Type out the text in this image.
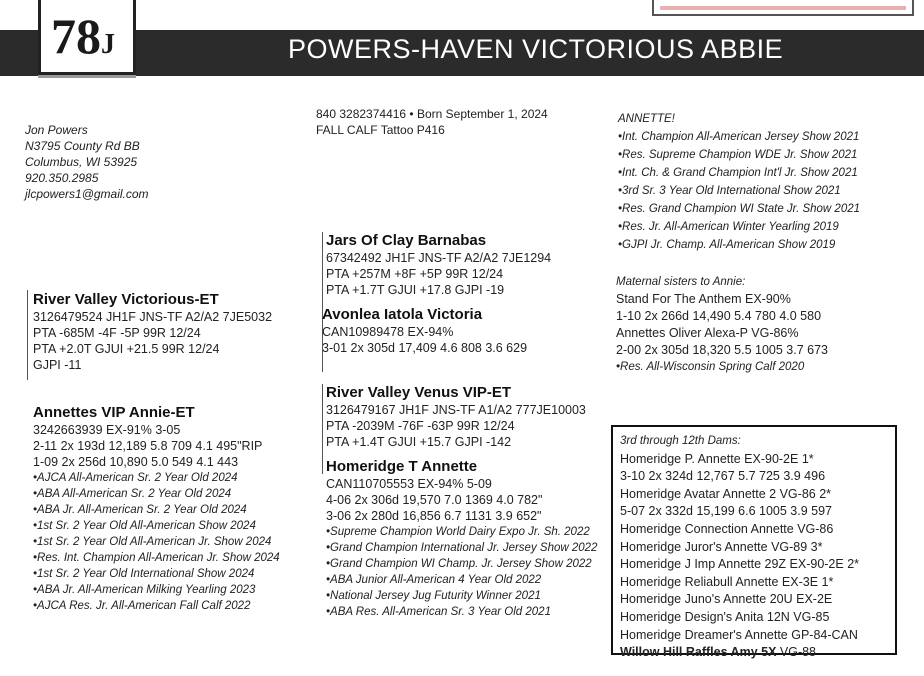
POWERS-HAVEN VICTORIOUS ABBIE
78J
Jon Powers
N3795 County Rd BB
Columbus, WI 53925
920.350.2985
jlcpowers1@gmail.com
840 3282374416 • Born September 1, 2024
FALL CALF Tattoo P416
River Valley Victorious-ET
3126479524 JH1F JNS-TF A2/A2 7JE5032
PTA -685M -4F -5P 99R 12/24
PTA +2.0T GJUI +21.5 99R 12/24
GJPI -11
Annettes VIP Annie-ET
3242663939 EX-91% 3-05
2-11 2x 193d 12,189 5.8 709 4.1 495"RIP
1-09 2x 256d 10,890 5.0 549 4.1 443
•AJCA All-American Sr. 2 Year Old 2024
•ABA All-American Sr. 2 Year Old 2024
•ABA Jr. All-American Sr. 2 Year Old 2024
•1st Sr. 2 Year Old All-American Show 2024
•1st Sr. 2 Year Old All-American Jr. Show 2024
•Res. Int. Champion All-American Jr. Show 2024
•1st Sr. 2 Year Old International Show 2024
•ABA Jr. All-American Milking Yearling 2023
•AJCA Res. Jr. All-American Fall Calf 2022
Jars Of Clay Barnabas
67342492 JH1F JNS-TF A2/A2 7JE1294
PTA +257M +8F +5P 99R 12/24
PTA +1.7T GJUI +17.8 GJPI -19
Avonlea Iatola Victoria
CAN10989478 EX-94%
3-01 2x 305d 17,409 4.6 808 3.6 629
River Valley Venus VIP-ET
3126479167 JH1F JNS-TF A1/A2 777JE10003
PTA -2039M -76F -63P 99R 12/24
PTA +1.4T GJUI +15.7 GJPI -142
Homeridge T Annette
CAN110705553 EX-94% 5-09
4-06 2x 306d 19,570 7.0 1369 4.0 782"
3-06 2x 280d 16,856 6.7 1131 3.9 652"
•Supreme Champion World Dairy Expo Jr. Sh. 2022
•Grand Champion International Jr. Jersey Show 2022
•Grand Champion WI Champ. Jr. Jersey Show 2022
•ABA Junior All-American 4 Year Old 2022
•National Jersey Jug Futurity Winner 2021
•ABA Res. All-American Sr. 3 Year Old 2021
ANNETTE!
•Int. Champion All-American Jersey Show 2021
•Res. Supreme Champion WDE Jr. Show 2021
•Int. Ch. & Grand Champion Int'l Jr. Show 2021
•3rd Sr. 3 Year Old International Show 2021
•Res. Grand Champion WI State Jr. Show 2021
•Res. Jr. All-American Winter Yearling 2019
•GJPI Jr. Champ. All-American Show 2019
Maternal sisters to Annie:
Stand For The Anthem EX-90%
1-10 2x 266d 14,490 5.4 780 4.0 580
Annettes Oliver Alexa-P VG-86%
2-00 2x 305d 18,320 5.5 1005 3.7 673
•Res. All-Wisconsin Spring Calf 2020
3rd through 12th Dams:
Homeridge P. Annette EX-90-2E 1*
3-10 2x 324d 12,767 5.7 725 3.9 496
Homeridge Avatar Annette 2 VG-86 2*
5-07 2x 332d 15,199 6.6 1005 3.9 597
Homeridge Connection Annette VG-86
Homeridge Juror's Annette VG-89 3*
Homeridge J Imp Annette 29Z EX-90-2E 2*
Homeridge Reliabull Annette EX-3E 1*
Homeridge Juno's Annette 20U EX-2E
Homeridge Design's Anita 12N VG-85
Homeridge Dreamer's Annette GP-84-CAN
Willow Hill Raffles Amy 5X VG-88
